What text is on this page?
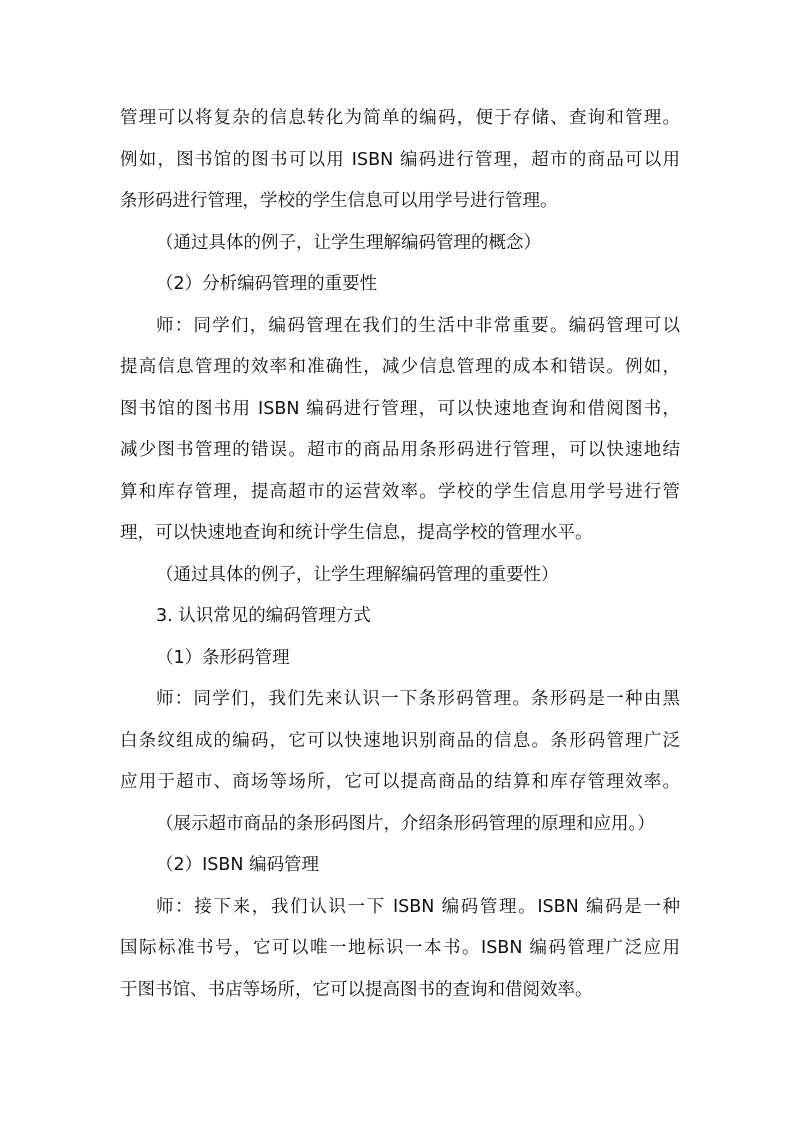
管理可以将复杂的信息转化为简单的编码，便于存储、查询和管理。
例如，图书馆的图书可以用 ISBN 编码进行管理，超市的商品可以用
条形码进行管理，学校的学生信息可以用学号进行管理。
（通过具体的例子，让学生理解编码管理的概念）
（2）分析编码管理的重要性
师：同学们，编码管理在我们的生活中非常重要。编码管理可以
提高信息管理的效率和准确性，减少信息管理的成本和错误。例如，
图书馆的图书用 ISBN 编码进行管理，可以快速地查询和借阅图书，
减少图书管理的错误。超市的商品用条形码进行管理，可以快速地结
算和库存管理，提高超市的运营效率。学校的学生信息用学号进行管
理，可以快速地查询和统计学生信息，提高学校的管理水平。
（通过具体的例子，让学生理解编码管理的重要性）
3. 认识常见的编码管理方式
（1）条形码管理
师：同学们，我们先来认识一下条形码管理。条形码是一种由黑
白条纹组成的编码，它可以快速地识别商品的信息。条形码管理广泛
应用于超市、商场等场所，它可以提高商品的结算和库存管理效率。
（展示超市商品的条形码图片，介绍条形码管理的原理和应用。）
（2）ISBN 编码管理
师：接下来，我们认识一下 ISBN 编码管理。ISBN 编码是一种
国际标准书号，它可以唯一地标识一本书。ISBN 编码管理广泛应用
于图书馆、书店等场所，它可以提高图书的查询和借阅效率。
